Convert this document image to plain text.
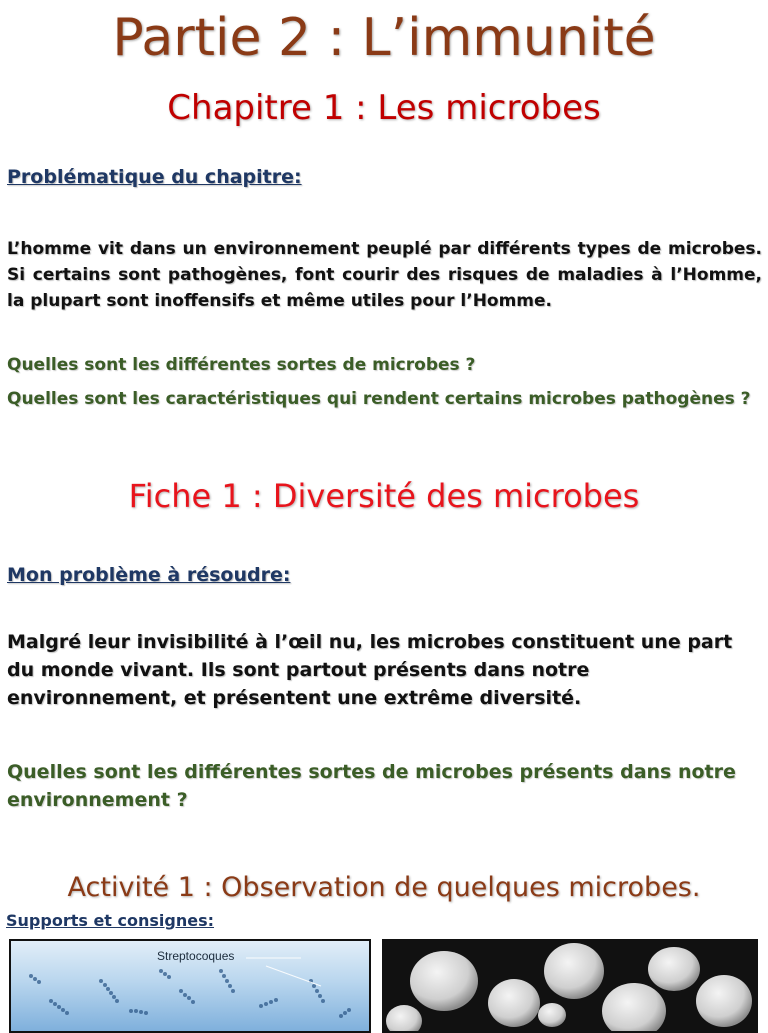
Partie 2 : L’immunité
Chapitre 1 : Les microbes
Problématique du chapitre:
L’homme vit dans un environnement peuplé par différents types de microbes. Si certains sont pathogènes, font courir des risques de maladies à l’Homme, la plupart sont inoffensifs et même utiles pour l’Homme.
Quelles sont les différentes sortes de microbes ?
Quelles sont les caractéristiques qui rendent certains microbes pathogènes ?
Fiche 1 : Diversité des microbes
Mon problème à résoudre:
Malgré leur invisibilité à l’œil nu, les microbes constituent une part du monde vivant. Ils sont partout présents dans notre environnement, et présentent une extrême diversité.
Quelles sont les différentes sortes de microbes présents dans notre environnement ?
Activité 1 : Observation de quelques microbes.
Supports et consignes:
Streptocoques
